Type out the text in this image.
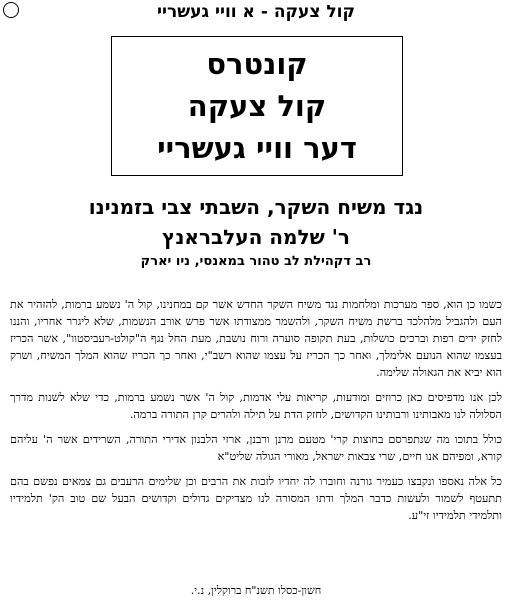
קול צעקה - א וויי געשריי
קונטרס
קול צעקה
דער וויי געשריי
נגד משיח השקר, השבתי צבי בזמנינו
ר' שלמה העלבראנץ
רב דקהילת לב טהור במאנסי, ניו יארק

כשמו כן הוא, ספר מערכות ומלחמות נגד משיח השקר החדש אשר קם במחנינו, קול ה' נשמע ברמות, להזהיר את העם ולהגביל מלהלכד ברשת משיח השקר, ולהשמר ממצודתו אשר פרש אורב הנשמות, שלא ליגרר אחריו, והננו לחזק ידים רפות וברכים כושלות, בעת תקופה סוערה ורוח נושבת, מעת החל נגף ה"קולט-רעביסטוו", אשר הכריז בעצמו שהוא הנועם אלימלך, ואחר כך הכריז על עצמו שהוא רשב"י, ואחר כך הכריז שהוא המלך המשיח, ושרק הוא יביא את הגאולה שלימה.

לכן אנו מדפיסים כאן כרוזים ומודעות, קריאות עלי אדמות, קול ה' אשר נשמע ברמות, כדי שלא לשנות מדרך הסלולה לנו מאבותינו ורבותינו הקדושים, לחזק הדת על תילה ולהרים קרן התורה ברמה.

כולל בתוכו מה שנתפרסם בחוצות קרי' מטעם מרנן ורבנן, ארזי הלבנון אדירי התורה, השרידים אשר ה' עליהם קורא, ומפיהם אנו חיים, שרי צבאות ישראל, מאורי הגולה שליט"א

כל אלה נאספו ונקבצו כעמיר גורנה וחוברו לה יחדיו לזכות את הרבים וכן שלימים הרעבים גם צמאים נפשם בהם תתעטף לשמור ולעשות כדבר המלך ודתו המסורה לנו מצדיקים גדולים וקדושים הבעל שם טוב הק' תלמידיו ותלמידי תלמידיו זי"ע.

חשון-כסלו תשנ"ח ברוקלין, נ.י.
